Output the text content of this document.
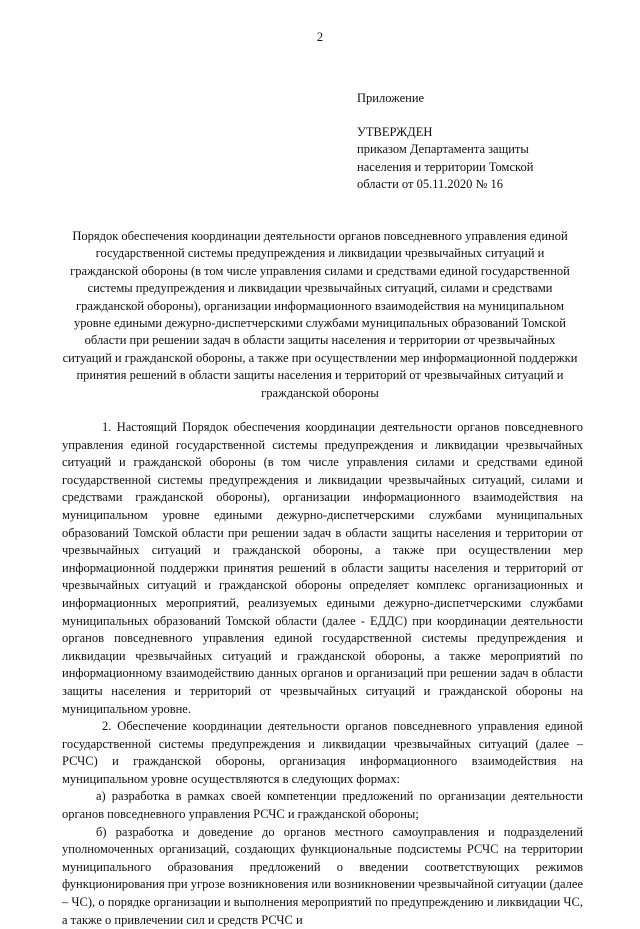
2
Приложение
УТВЕРЖДЕН
приказом Департамента защиты
населения и территории Томской
области от 05.11.2020 № 16
Порядок обеспечения координации деятельности органов повседневного управления единой государственной системы предупреждения и ликвидации чрезвычайных ситуаций и гражданской обороны (в том числе управления силами и средствами единой государственной системы предупреждения и ликвидации чрезвычайных ситуаций, силами и средствами гражданской обороны), организации информационного взаимодействия на муниципальном уровне едиными дежурно-диспетчерскими службами муниципальных образований Томской области при решении задач в области защиты населения и территории от чрезвычайных ситуаций и гражданской обороны, а также при осуществлении мер информационной поддержки принятия решений в области защиты населения и территорий от чрезвычайных ситуаций и гражданской обороны

1. Настоящий Порядок обеспечения координации деятельности органов повседневного управления единой государственной системы предупреждения и ликвидации чрезвычайных ситуаций и гражданской обороны (в том числе управления силами и средствами единой государственной системы предупреждения и ликвидации чрезвычайных ситуаций, силами и средствами гражданской обороны), организации информационного взаимодействия на муниципальном уровне едиными дежурно-диспетчерскими службами муниципальных образований Томской области при решении задач в области защиты населения и территории от чрезвычайных ситуаций и гражданской обороны, а также при осуществлении мер информационной поддержки принятия решений в области защиты населения и территорий от чрезвычайных ситуаций и гражданской обороны определяет комплекс организационных и информационных мероприятий, реализуемых едиными дежурно-диспетчерскими службами муниципальных образований Томской области (далее - ЕДДС) при координации деятельности органов повседневного управления единой государственной системы предупреждения и ликвидации чрезвычайных ситуаций и гражданской обороны, а также мероприятий по информационному взаимодействию данных органов и организаций при решении задач в области защиты населения и территорий от чрезвычайных ситуаций и гражданской обороны на муниципальном уровне.

2. Обеспечение координации деятельности органов повседневного управления единой государственной системы предупреждения и ликвидации чрезвычайных ситуаций (далее – РСЧС) и гражданской обороны, организация информационного взаимодействия на муниципальном уровне осуществляются в следующих формах:

а) разработка в рамках своей компетенции предложений по организации деятельности органов повседневного управления РСЧС и гражданской обороны;

б) разработка и доведение до органов местного самоуправления и подразделений уполномоченных организаций, создающих функциональные подсистемы РСЧС на территории муниципального образования предложений о введении соответствующих режимов функционирования при угрозе возникновения или возникновении чрезвычайной ситуации (далее – ЧС), о порядке организации и выполнения мероприятий по предупреждению и ликвидации ЧС, а также о привлечении сил и средств РСЧС и
